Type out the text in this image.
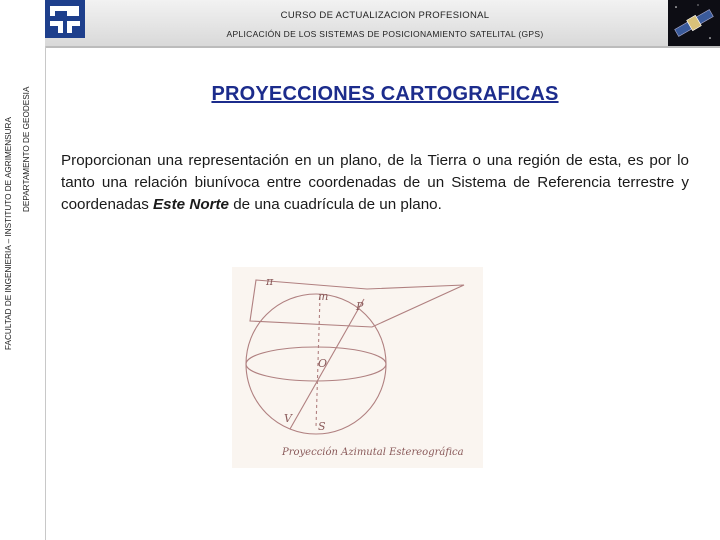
CURSO DE ACTUALIZACION PROFESIONAL
APLICACIÓN DE LOS SISTEMAS DE POSICIONAMIENTO SATELITAL (GPS)
FACULTAD DE INGENIERIA – INSTITUTO DE AGRIMENSURA DEPARTAMENTO DE GEODESIA	PROYECCIONES CARTOGRAFICAS
Proporcionan una representación en un plano, de la Tierra o una región de esta, es por lo tanto una relación biunívoca entre coordenadas de un Sistema de Referencia terrestre y coordenadas Este Norte de una cuadrícula de un plano.
π
m
P
O
V
S
Proyección Azimutal Estereográfica
